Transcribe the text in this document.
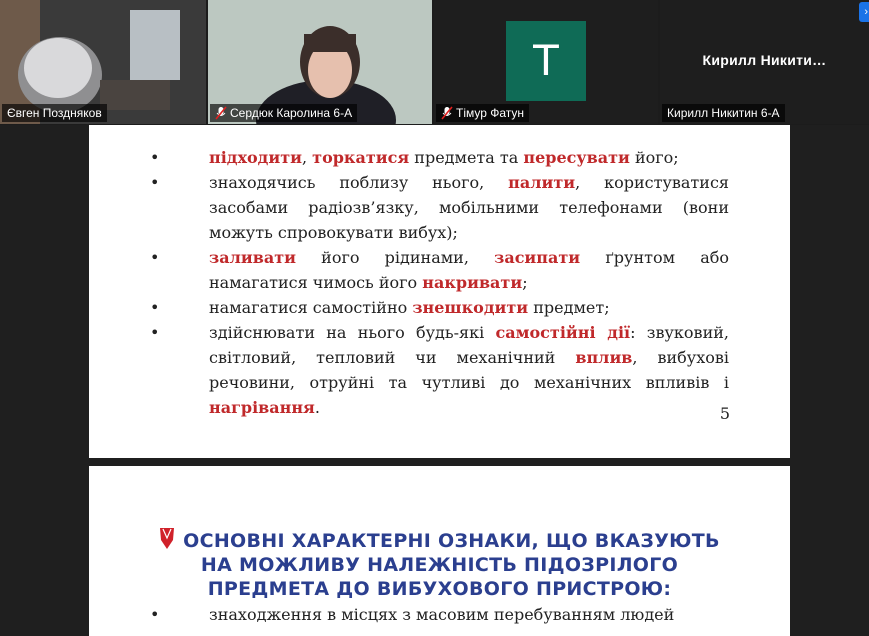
• підходити, торкатися предмета та пересувати його;
• знаходячись поблизу нього, палити, користуватися засобами радіозв’язку, мобільними телефонами (вони можуть спровокувати вибух);
• заливати його рідинами, засипати ґрунтом або намагатися чимось його накривати;
• намагатися самостійно знешкодити предмет;
• здійснювати на нього будь-які самостійні дії: звуковий, світловий, тепловий чи механічний вплив, вибухові речовини, отруйні та чутливі до механічних впливів і нагрівання.	5
ОСНОВНІ ХАРАКТЕРНІ ОЗНАКИ, ЩО ВКАЗУЮТЬ
НА МОЖЛИВУ НАЛЕЖНІСТЬ ПІДОЗРІЛОГО
ПРЕДМЕТА ДО ВИБУХОВОГО ПРИСТРОЮ:
• знаходження в місцях з масовим перебуванням людей
Євген Поздняков	Сердюк Каролина 6-А
T
Тімур Фатун
Кирилл Никити…
Кирилл Никитин 6-А
›
